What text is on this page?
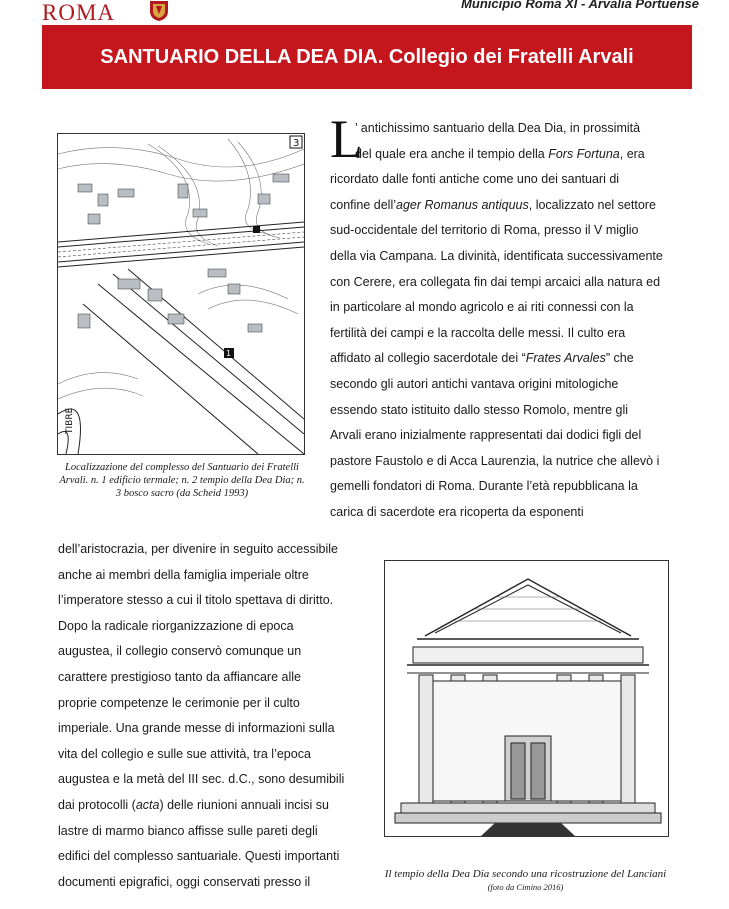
ROMA	Municipio Roma XI - Arvalia Portuense
SANTUARIO DELLA DEA DIA. Collegio dei Fratelli Arvali
3
1
TIBRE
Localizzazione del complesso del Santuario dei Fratelli Arvali. n. 1 edificio termale; n. 2 tempio della Dea Dia; n. 3 bosco sacro (da Scheid 1993)
L
’ antichissimo santuario della Dea Dia, in prossimità
del quale era anche il tempio della Fors Fortuna, era
ricordato dalle fonti antiche come uno dei santuari di
confine dell’ager Romanus antiquus, localizzato nel settore
sud-occidentale del territorio di Roma, presso il V miglio
della via Campana. La divinità, identificata successivamente
con Cerere, era collegata fin dai tempi arcaici alla natura ed
in particolare al mondo agricolo e ai riti connessi con la
fertilità dei campi e la raccolta delle messi. Il culto era
affidato al collegio sacerdotale dei “Frates Arvales” che
secondo gli autori antichi vantava origini mitologiche
essendo stato istituito dallo stesso Romolo, mentre gli
Arvali erano inizialmente rappresentati dai dodici figli del
pastore Faustolo e di Acca Laurenzia, la nutrice che allevò i
gemelli fondatori di Roma. Durante l’età repubblicana la
carica di sacerdote era ricoperta da esponenti
dell’aristocrazia, per divenire in seguito accessibile
anche ai membri della famiglia imperiale oltre
l’imperatore stesso a cui il titolo spettava di diritto.
Dopo la radicale riorganizzazione di epoca
augustea, il collegio conservò comunque un
carattere prestigioso tanto da affiancare alle
proprie competenze le cerimonie per il culto
imperiale. Una grande messe di informazioni sulla
vita del collegio e sulle sue attività, tra l’epoca
augustea e la metà del III sec. d.C., sono desumibili
dai protocolli (acta) delle riunioni annuali incisi su
lastre di marmo bianco affisse sulle pareti degli
edifici del complesso santuariale. Questi importanti
documenti epigrafici, oggi conservati presso il
Il tempio della Dea Dia secondo una ricostruzione del Lanciani (foto da Cimino 2016)
